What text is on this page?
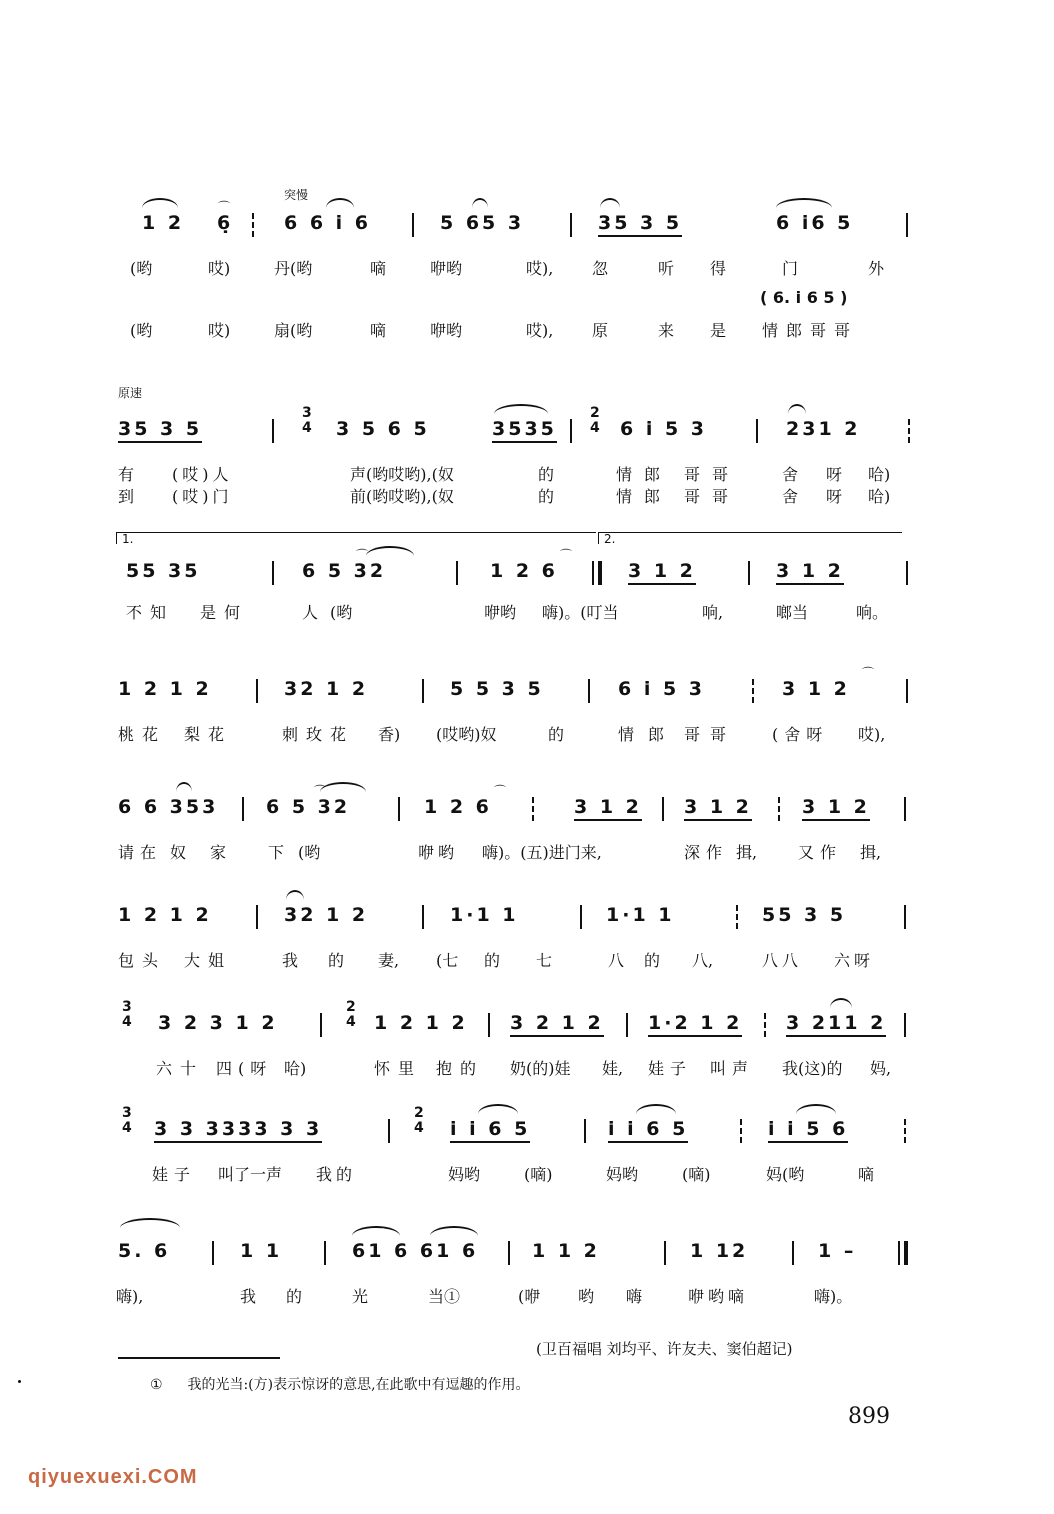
突慢
1 2
⌒
6̣	6 6 i 6	5 65 3	35 3 5	6 i6 5
(哟	哎)	丹(哟	嘀	咿哟	哎), 忽	听 得	门	外
( 6. i 6 5 )
(哟	哎)	扇(哟	嘀	咿哟	哎), 原	来 是 情郎哥哥
原速
35 3 5
3
4 3 5 6 5	3535
2
4 6 i 5 3	231 2
有 (哎)人	声(哟哎哟),(奴	的	情郎 哥哥	舍 呀 哈)
到 (哎)门	前(哟哎哟),(奴	的	情郎 哥哥	舍 呀 哈)
1.	2.
55 35
⌒
6 5 32
⌒
1 2 6	3 1 2	3 1 2
不知 是何	人 (哟	咿哟 嗨)。(叮当	响,	啷当	响。
1 2 1 2	32 1 2	5 5 3 5	6 i 5 3
⌒
3 1 2
桃花 梨花	刺玫花 香) (哎哟)奴	的	情 郎 哥哥 (舍呀 哎),
6 6 353
⌒
6 5 32
⌒
1 2 6	3 1 2 3 1 2	3 1 2
请在 奴 家	下 (哟	咿哟 嗨)。(五)进门来,	深作 揖,	又作 揖,
1 2 1 2	32 1 2	1·1 1	1·1 1	55 3 5
包头 大姐	我 的 妻, (七 的 七	八 的 八,	八八 六呀
3
4 3 2 3 1 2
2
4 1 2 1 2 3 2 1 2 1·2 1 2 3 211 2
六十 四(呀 哈)	怀里 抱的 奶(的)娃 娃, 娃子 叫声 我(这)的 妈,
3
4 3 3 3333 3 3
2
4 i i 6 5	i i 6 5	i i 5 6
娃子 叫了一声 我的	妈哟	(嘀)	妈哟	(嘀)	妈(哟	嘀
5. 6	1 1	61 6 61 6	1 1 2	1 12	1 –
嗨),	我 的	光	当①	(咿 哟 嗨	咿哟嘀	嗨)。
(卫百福唱 刘均平、许友夫、窦伯超记)
① 我的光当:(方)表示惊讶的意思,在此歌中有逗趣的作用。
899
qiyuexuexi.COM
